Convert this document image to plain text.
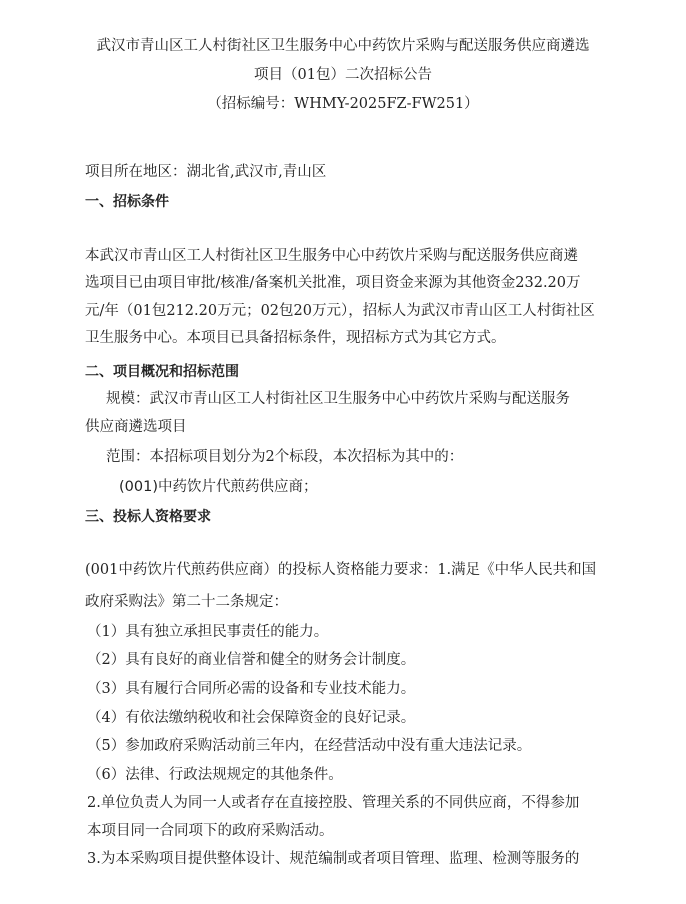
武汉市青山区工人村街社区卫生服务中心中药饮片采购与配送服务供应商遴选
项目（01包）二次招标公告
（招标编号：WHMY-2025FZ-FW251）
项目所在地区：湖北省,武汉市,青山区
一、招标条件
本武汉市青山区工人村街社区卫生服务中心中药饮片采购与配送服务供应商遴
选项目已由项目审批/核准/备案机关批准，项目资金来源为其他资金232.20万
元/年（01包212.20万元；02包20万元），招标人为武汉市青山区工人村街社区
卫生服务中心。本项目已具备招标条件，现招标方式为其它方式。
二、项目概况和招标范围
规模：武汉市青山区工人村街社区卫生服务中心中药饮片采购与配送服务
供应商遴选项目
范围：本招标项目划分为2个标段，本次招标为其中的：
(001)中药饮片代煎药供应商；
三、投标人资格要求
(001中药饮片代煎药供应商）的投标人资格能力要求：1.满足《中华人民共和国
政府采购法》第二十二条规定：
（1）具有独立承担民事责任的能力。
（2）具有良好的商业信誉和健全的财务会计制度。
（3）具有履行合同所必需的设备和专业技术能力。
（4）有依法缴纳税收和社会保障资金的良好记录。
（5）参加政府采购活动前三年内，在经营活动中没有重大违法记录。
（6）法律、行政法规规定的其他条件。
2.单位负责人为同一人或者存在直接控股、管理关系的不同供应商，不得参加
本项目同一合同项下的政府采购活动。
3.为本采购项目提供整体设计、规范编制或者项目管理、监理、检测等服务的
